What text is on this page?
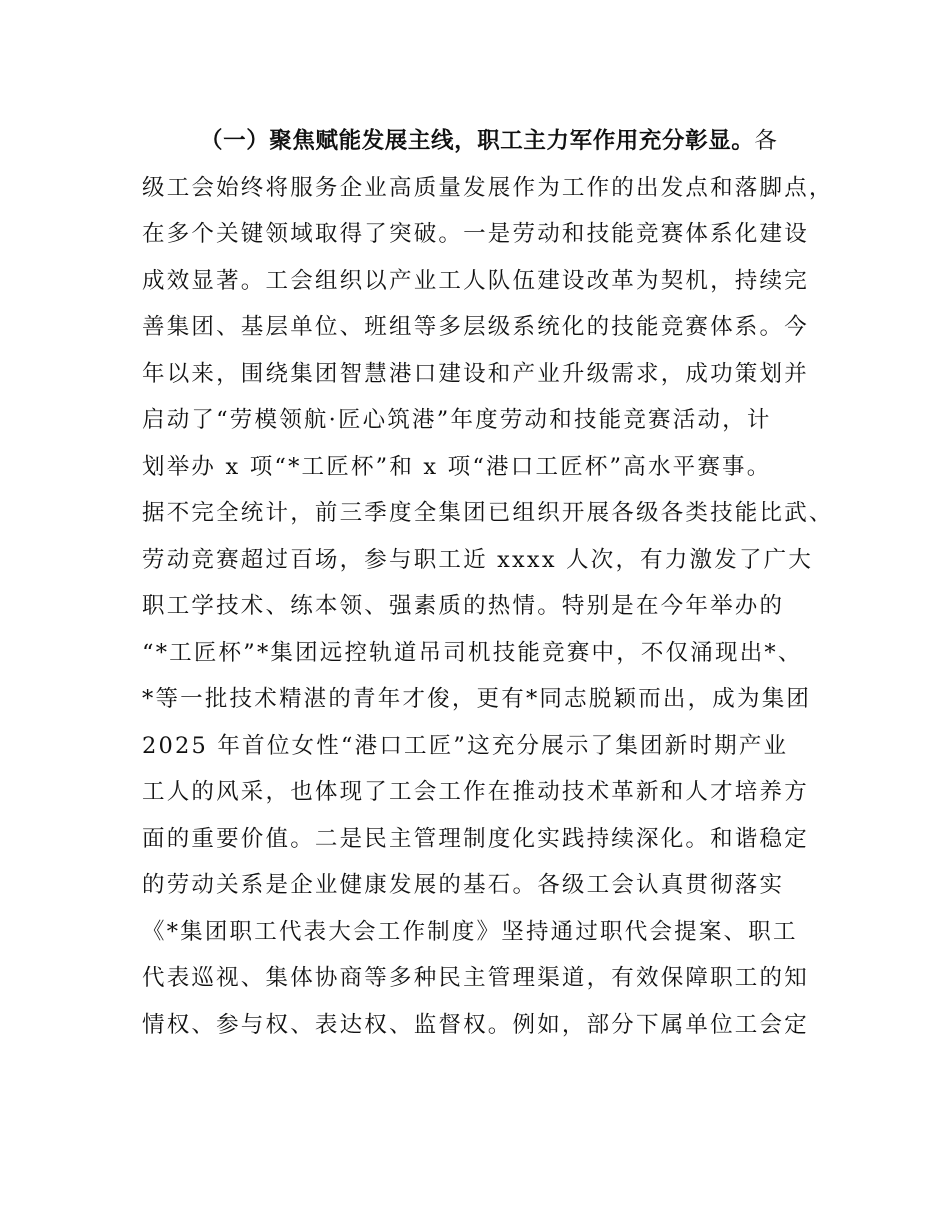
（一）聚焦赋能发展主线，职工主力军作用充分彰显。各
级工会始终将服务企业高质量发展作为工作的出发点和落脚点，
在多个关键领域取得了突破。一是劳动和技能竞赛体系化建设
成效显著。工会组织以产业工人队伍建设改革为契机，持续完
善集团、基层单位、班组等多层级系统化的技能竞赛体系。今
年以来，围绕集团智慧港口建设和产业升级需求，成功策划并
启动了“劳模领航·匠心筑港”年度劳动和技能竞赛活动，计
划举办 x 项“*工匠杯”和 x 项“港口工匠杯”高水平赛事。
据不完全统计，前三季度全集团已组织开展各级各类技能比武、
劳动竞赛超过百场，参与职工近 xxxx 人次，有力激发了广大
职工学技术、练本领、强素质的热情。特别是在今年举办的
“*工匠杯”*集团远控轨道吊司机技能竞赛中，不仅涌现出*、
*等一批技术精湛的青年才俊，更有*同志脱颖而出，成为集团
2025 年首位女性“港口工匠”这充分展示了集团新时期产业
工人的风采，也体现了工会工作在推动技术革新和人才培养方
面的重要价值。二是民主管理制度化实践持续深化。和谐稳定
的劳动关系是企业健康发展的基石。各级工会认真贯彻落实
《*集团职工代表大会工作制度》坚持通过职代会提案、职工
代表巡视、集体协商等多种民主管理渠道，有效保障职工的知
情权、参与权、表达权、监督权。例如，部分下属单位工会定
